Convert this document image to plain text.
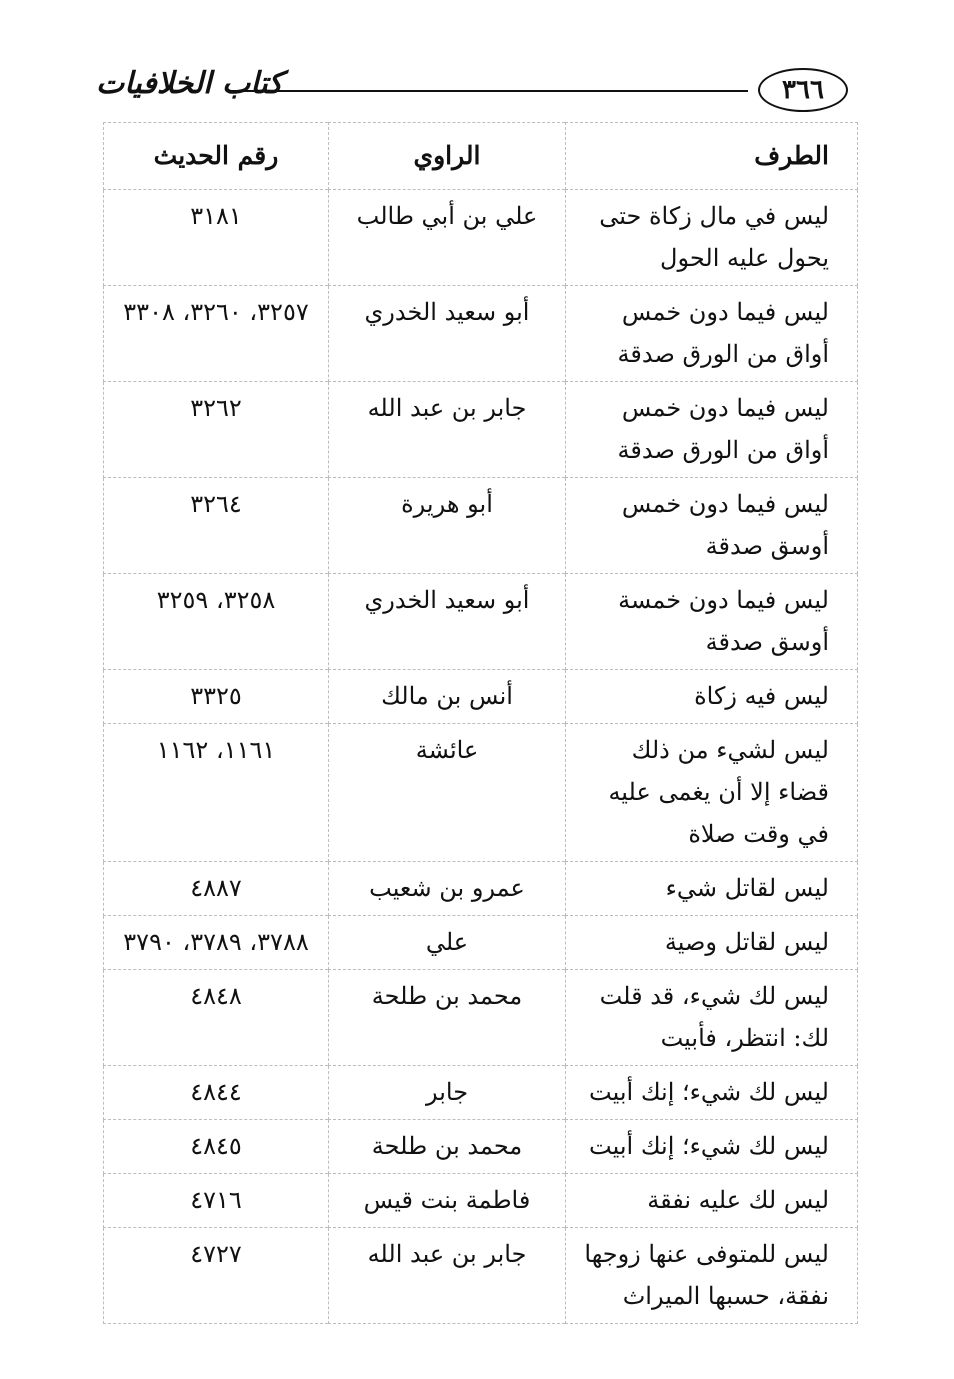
٣٦٦
كتاب الخلافيات
الطرف	الراوي	رقم الحديث
ليس في مال زكاة حتى يحول عليه الحول	علي بن أبي طالب	٣١٨١
ليس فيما دون خمس أواق من الورق صدقة	أبو سعيد الخدري	٣٢٥٧، ٣٢٦٠، ٣٣٠٨
ليس فيما دون خمس أواق من الورق صدقة	جابر بن عبد الله	٣٢٦٢
ليس فيما دون خمس أوسق صدقة	أبو هريرة	٣٢٦٤
ليس فيما دون خمسة أوسق صدقة	أبو سعيد الخدري	٣٢٥٨، ٣٢٥٩
ليس فيه زكاة	أنس بن مالك	٣٣٢٥
ليس لشيء من ذلك قضاء إلا أن يغمى عليه في وقت صلاة	عائشة	١١٦١، ١١٦٢
ليس لقاتل شيء	عمرو بن شعيب	٤٨٨٧
ليس لقاتل وصية	علي	٣٧٨٨، ٣٧٨٩، ٣٧٩٠
ليس لك شيء، قد قلت لك: انتظر، فأبيت	محمد بن طلحة	٤٨٤٨
ليس لك شيء؛ إنك أبيت	جابر	٤٨٤٤
ليس لك شيء؛ إنك أبيت	محمد بن طلحة	٤٨٤٥
ليس لك عليه نفقة	فاطمة بنت قيس	٤٧١٦
ليس للمتوفى عنها زوجها نفقة، حسبها الميراث	جابر بن عبد الله	٤٧٢٧
